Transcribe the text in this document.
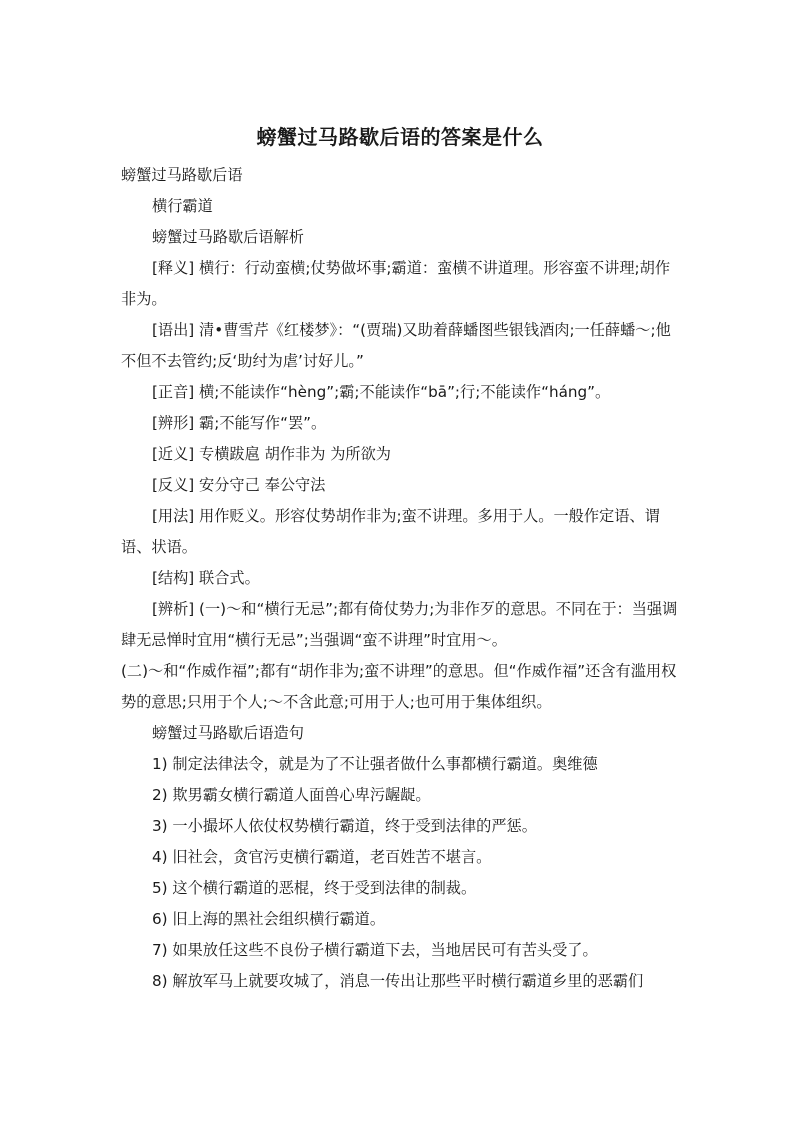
螃蟹过马路歇后语的答案是什么

螃蟹过马路歇后语

横行霸道

螃蟹过马路歇后语解析

[释义] 横行：行动蛮横;仗势做坏事;霸道：蛮横不讲道理。形容蛮不讲理;胡作非为。

[语出] 清•曹雪芹《红楼梦》：“(贾瑞)又助着薛蟠图些银钱酒肉;一任薛蟠～;他不但不去管约;反‘助纣为虐’讨好儿。”

[正音] 横;不能读作“hèng”;霸;不能读作“bā”;行;不能读作“háng”。

[辨形] 霸;不能写作“罢”。

[近义] 专横跋扈 胡作非为 为所欲为

[反义] 安分守己 奉公守法

[用法] 用作贬义。形容仗势胡作非为;蛮不讲理。多用于人。一般作定语、谓语、状语。

[结构] 联合式。

[辨析] (一)～和“横行无忌”;都有倚仗势力;为非作歹的意思。不同在于：当强调肆无忌惮时宜用“横行无忌”;当强调“蛮不讲理”时宜用～。

(二)～和“作威作福”;都有“胡作非为;蛮不讲理”的意思。但“作威作福”还含有滥用权势的意思;只用于个人;～不含此意;可用于人;也可用于集体组织。

螃蟹过马路歇后语造句

1) 制定法律法令，就是为了不让强者做什么事都横行霸道。奥维德

2) 欺男霸女横行霸道人面兽心卑污龌龊。

3) 一小撮坏人依仗权势横行霸道，终于受到法律的严惩。

4) 旧社会，贪官污吏横行霸道，老百姓苦不堪言。

5) 这个横行霸道的恶棍，终于受到法律的制裁。

6) 旧上海的黑社会组织横行霸道。

7) 如果放任这些不良份子横行霸道下去，当地居民可有苦头受了。

8) 解放军马上就要攻城了，消息一传出让那些平时横行霸道乡里的恶霸们
